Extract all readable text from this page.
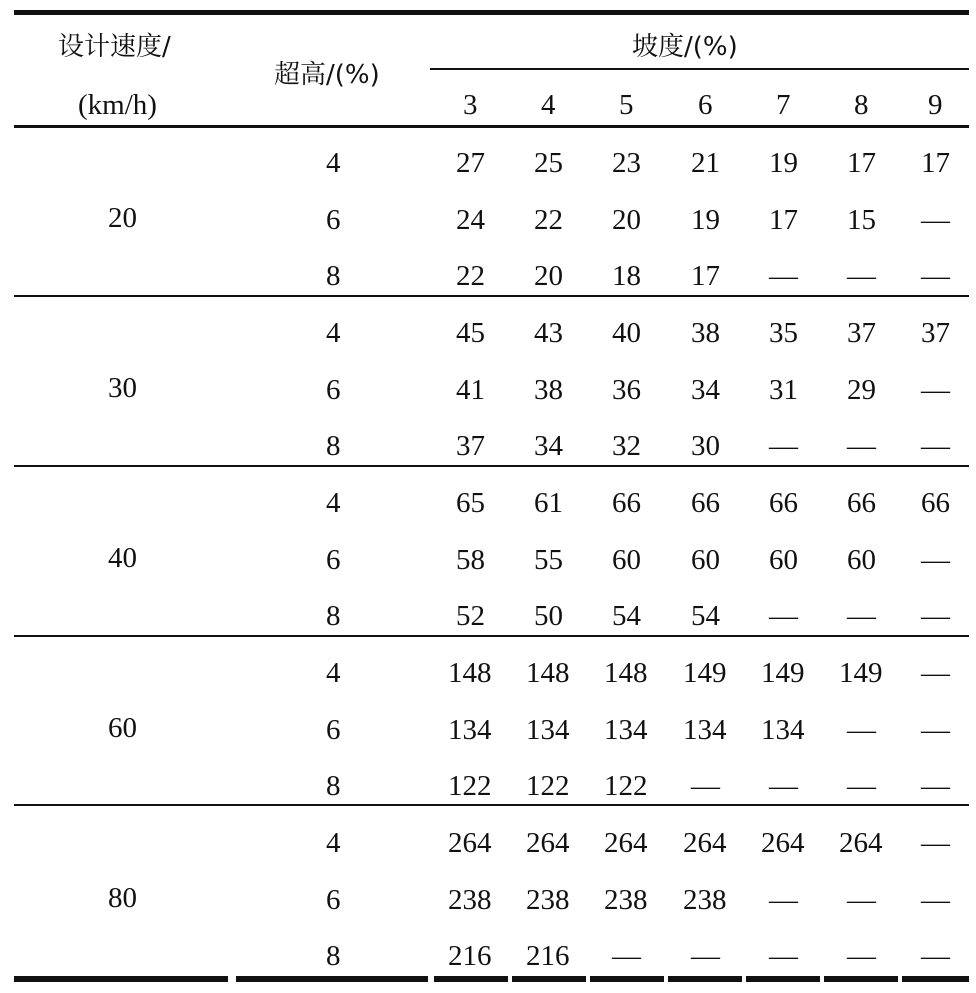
设计速度/
(km/h)
超高/(%)
坡度/(%)
3 4 5 6 7 8 9
20
4	27 25 23 21 19 17 17
6	24 22 20 19 17 15 —
8	22 20 18 17 — — —
30
4	45 43 40 38 35 37 37
6	41 38 36 34 31 29 —
8	37 34 32 30 — — —
40
4	65 61 66 66 66 66 66
6	58 55 60 60 60 60 —
8	52 50 54 54 — — —
60
4	148 148 148 149 149 149 —
6	134 134 134 134 134 — —
8	122 122 122 — — — —
80
4	264 264 264 264 264 264 —
6	238 238 238 238 — — —
8	216 216 — — — — —
